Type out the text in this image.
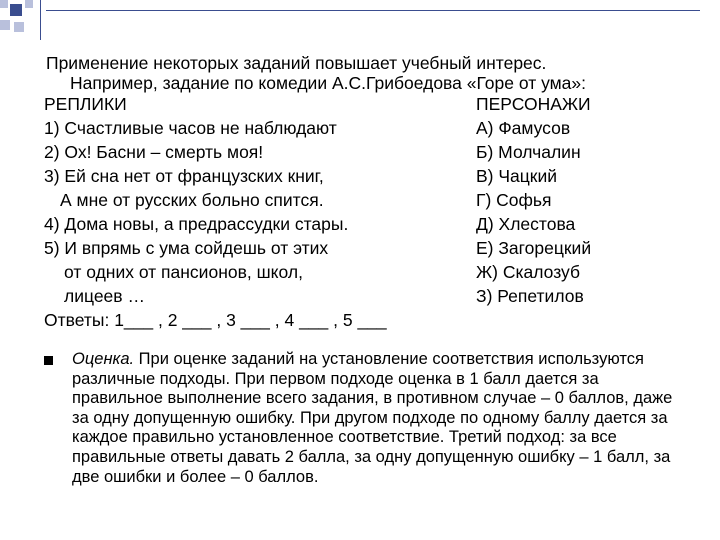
Применение некоторых заданий повышает учебный интерес.
Например, задание по комедии А.С.Грибоедова «Горе от ума»:
РЕПЛИКИ	ПЕРСОНАЖИ
1) Счастливые часов не наблюдают
2) Ох! Басни – смерть моя!
3) Ей сна нет от французских книг,
А мне от русских больно спится.
4) Дома новы, а предрассудки стары.
5) И впрямь с ума сойдешь от этих
от одних от пансионов, школ,
лицеев …
А) Фамусов
Б) Молчалин
В) Чацкий
Г) Софья
Д) Хлестова
Е) Загорецкий
Ж) Скалозуб
З) Репетилов
Ответы: 1___ , 2 ___ , 3 ___ , 4 ___ , 5 ___
Оценка. При оценке заданий на установление соответствия используются различные подходы. При первом подходе оценка в 1 балл дается за правильное выполнение всего задания, в противном случае – 0 баллов, даже за одну допущенную ошибку. При другом подходе по одному баллу дается за каждое правильно установленное соответствие. Третий подход: за все правильные ответы давать 2 балла, за одну допущенную ошибку – 1 балл, за две ошибки и более – 0 баллов.
